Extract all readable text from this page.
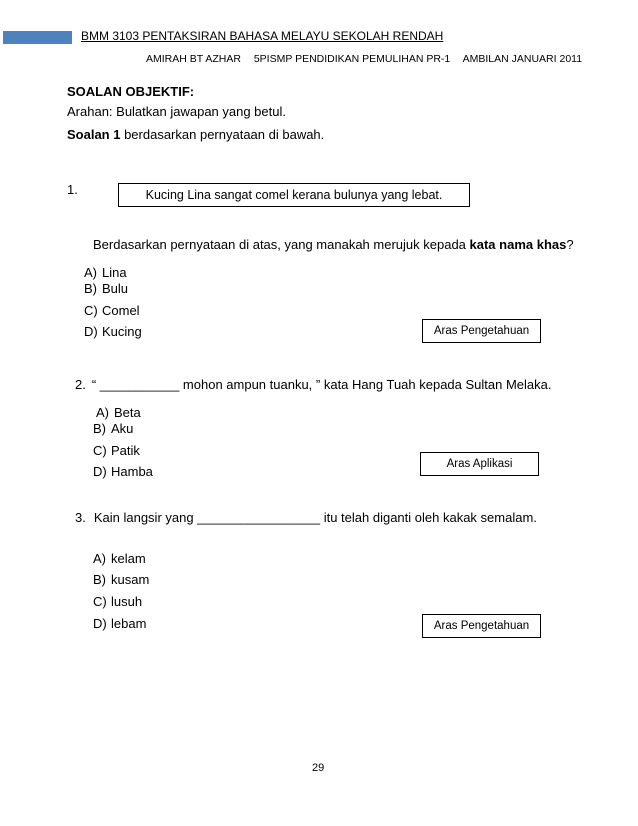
BMM 3103 PENTAKSIRAN BAHASA MELAYU SEKOLAH RENDAH
AMIRAH BT AZHAR 5PISMP PENDIDIKAN PEMULIHAN PR-1 AMBILAN JANUARI 2011
SOALAN OBJEKTIF:
Arahan: Bulatkan jawapan yang betul.
Soalan 1 berdasarkan pernyataan di bawah.
1.	Kucing Lina sangat comel kerana bulunya yang lebat.
Berdasarkan pernyataan di atas, yang manakah merujuk kepada kata nama khas?
A) Lina
B) Bulu
C) Comel
D) Kucing	Aras Pengetahuan
2. “ ___________ mohon ampun tuanku, ” kata Hang Tuah kepada Sultan Melaka.
A) Beta
B) Aku
C) Patik
D) Hamba	Aras Aplikasi
3. Kain langsir yang _________________ itu telah diganti oleh kakak semalam.
A) kelam
B) kusam
C) lusuh
D) lebam	Aras Pengetahuan
29
